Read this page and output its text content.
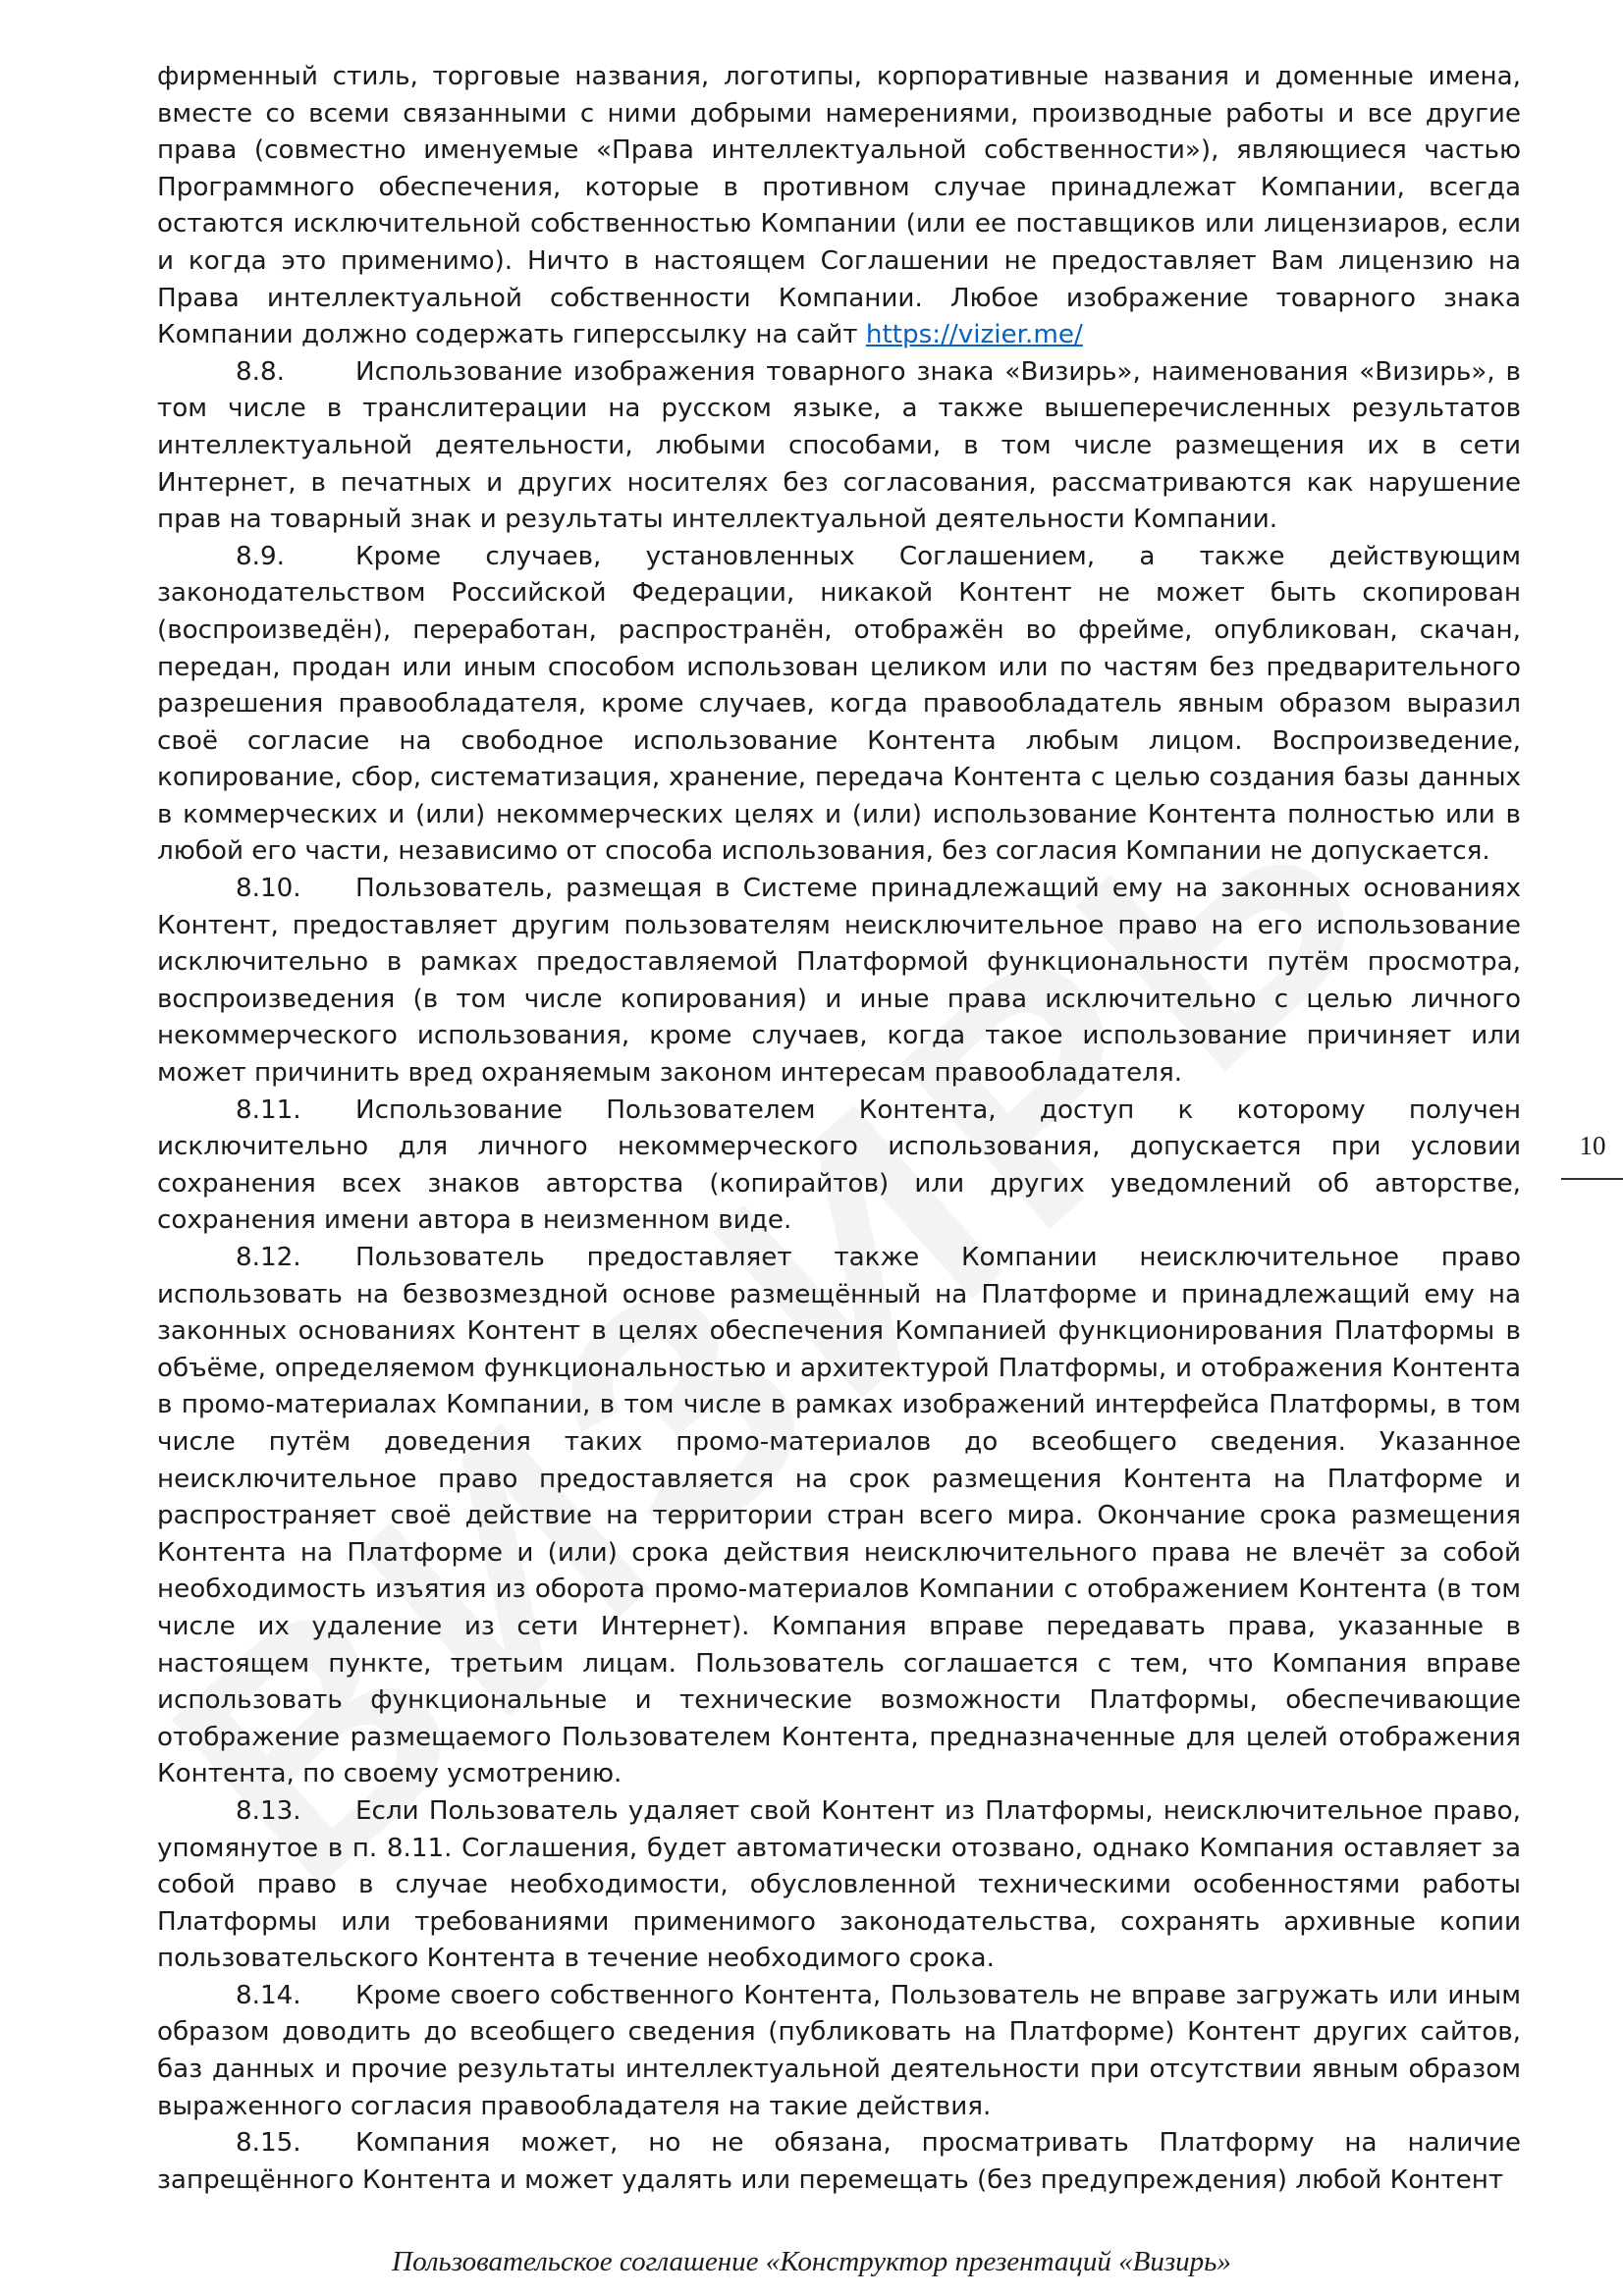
фирменный стиль, торговые названия, логотипы, корпоративные названия и доменные имена, вместе со всеми связанными с ними добрыми намерениями, производные работы и все другие права (совместно именуемые «Права интеллектуальной собственности»), являющиеся частью Программного обеспечения, которые в противном случае принадлежат Компании, всегда остаются исключительной собственностью Компании (или ее поставщиков или лицензиаров, если и когда это применимо). Ничто в настоящем Соглашении не предоставляет Вам лицензию на Права интеллектуальной собственности Компании. Любое изображение товарного знака Компании должно содержать гиперссылку на сайт https://vizier.me/

8.8.	Использование изображения товарного знака «Визирь», наименования «Визирь», в том числе в транслитерации на русском языке, а также вышеперечисленных результатов интеллектуальной деятельности, любыми способами, в том числе размещения их в сети Интернет, в печатных и других носителях без согласования, рассматриваются как нарушение прав на товарный знак и результаты интеллектуальной деятельности Компании.

8.9.	Кроме случаев, установленных Соглашением, а также действующим законодательством Российской Федерации, никакой Контент не может быть скопирован (воспроизведён), переработан, распространён, отображён во фрейме, опубликован, скачан, передан, продан или иным способом использован целиком или по частям без предварительного разрешения правообладателя, кроме случаев, когда правообладатель явным образом выразил своё согласие на свободное использование Контента любым лицом. Воспроизведение, копирование, сбор, систематизация, хранение, передача Контента с целью создания базы данных в коммерческих и (или) некоммерческих целях и (или) использование Контента полностью или в любой его части, независимо от способа использования, без согласия Компании не допускается.

8.10. Пользователь, размещая в Системе принадлежащий ему на законных основаниях Контент, предоставляет другим пользователям неисключительное право на его использование исключительно в рамках предоставляемой Платформой функциональности путём просмотра, воспроизведения (в том числе копирования) и иные права исключительно с целью личного некоммерческого использования, кроме случаев, когда такое использование причиняет или может причинить вред охраняемым законом интересам правообладателя.

8.11. Использование Пользователем Контента, доступ к которому получен исключительно для личного некоммерческого использования, допускается при условии сохранения всех знаков авторства (копирайтов) или других уведомлений об авторстве, сохранения имени автора в неизменном виде.

8.12. Пользователь предоставляет также Компании неисключительное право использовать на безвозмездной основе размещённый на Платформе и принадлежащий ему на законных основаниях Контент в целях обеспечения Компанией функционирования Платформы в объёме, определяемом функциональностью и архитектурой Платформы, и отображения Контента в промо-материалах Компании, в том числе в рамках изображений интерфейса Платформы, в том числе путём доведения таких промо-материалов до всеобщего сведения. Указанное неисключительное право предоставляется на срок размещения Контента на Платформе и распространяет своё действие на территории стран всего мира. Окончание срока размещения Контента на Платформе и (или) срока действия неисключительного права не влечёт за собой необходимость изъятия из оборота промо-материалов Компании с отображением Контента (в том числе их удаление из сети Интернет). Компания вправе передавать права, указанные в настоящем пункте, третьим лицам. Пользователь соглашается с тем, что Компания вправе использовать функциональные и технические возможности Платформы, обеспечивающие отображение размещаемого Пользователем Контента, предназначенные для целей отображения Контента, по своему усмотрению.

8.13. Если Пользователь удаляет свой Контент из Платформы, неисключительное право, упомянутое в п. 8.11. Соглашения, будет автоматически отозвано, однако Компания оставляет за собой право в случае необходимости, обусловленной техническими особенностями работы Платформы или требованиями применимого законодательства, сохранять архивные копии пользовательского Контента в течение необходимого срока.

8.14. Кроме своего собственного Контента, Пользователь не вправе загружать или иным образом доводить до всеобщего сведения (публиковать на Платформе) Контент других сайтов, баз данных и прочие результаты интеллектуальной деятельности при отсутствии явным образом выраженного согласия правообладателя на такие действия.

8.15. Компания может, но не обязана, просматривать Платформу на наличие запрещённого Контента и может удалять или перемещать (без предупреждения) любой Контент

10
Пользовательское соглашение «Конструктор презентаций «Визирь»
